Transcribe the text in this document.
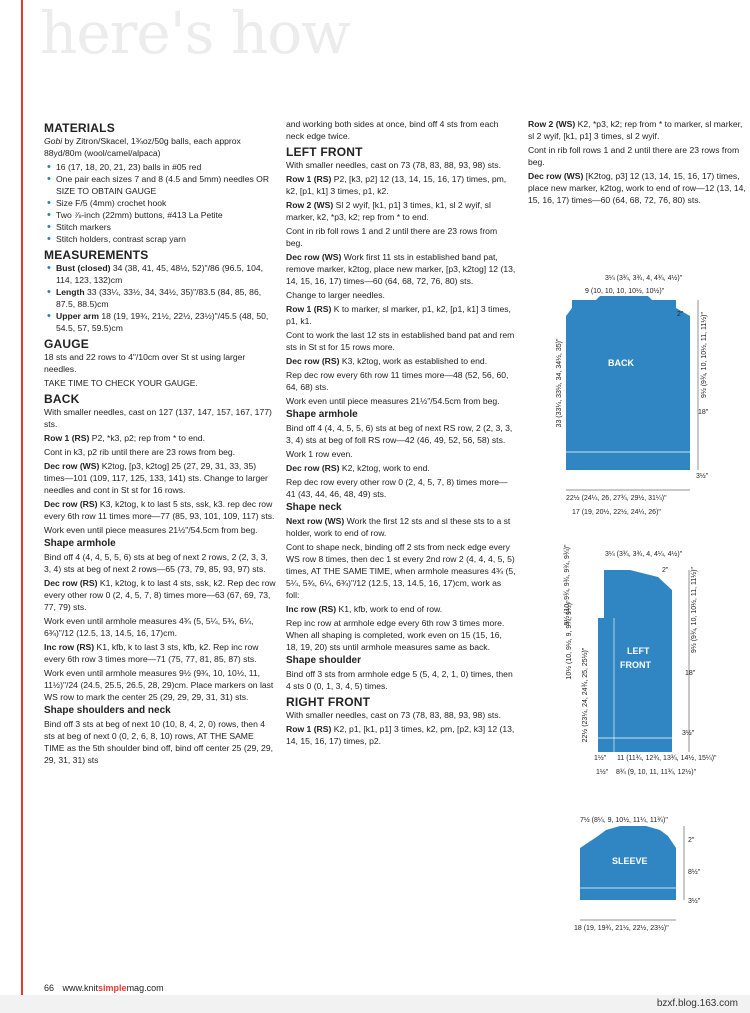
here's how
MATERIALS

Gobi by Zitron/Skacel, 1¾oz/50g balls, each approx 88yd/80m (wool/camel/alpaca)

• 16 (17, 18, 20, 21, 23) balls in #05 red
• One pair each sizes 7 and 8 (4.5 and 5mm) needles OR SIZE TO OBTAIN GAUGE
• Size F/5 (4mm) crochet hook
• Two ⅞-inch (22mm) buttons, #413 La Petite
• Stitch markers
• Stitch holders, contrast scrap yarn
MEASUREMENTS
• Bust (closed) 34 (38, 41, 45, 48½, 52)"/86 (96.5, 104, 114, 123, 132)cm
• Length 33 (33¼, 33½, 34, 34½, 35)"/83.5 (84, 85, 86, 87.5, 88.5)cm
• Upper arm 18 (19, 19¾, 21½, 22½, 23½)"/45.5 (48, 50, 54.5, 57, 59.5)cm
GAUGE

18 sts and 22 rows to 4"/10cm over St st using larger needles.

TAKE TIME TO CHECK YOUR GAUGE.

BACK

With smaller needles, cast on 127 (137, 147, 157, 167, 177) sts.

Row 1 (RS) P2, *k3, p2; rep from * to end.

Cont in k3, p2 rib until there are 23 rows from beg.

Dec row (WS) K2tog, [p3, k2tog] 25 (27, 29, 31, 33, 35) times—101 (109, 117, 125, 133, 141) sts. Change to larger needles and cont in St st for 16 rows.

Dec row (RS) K3, k2tog, k to last 5 sts, ssk, k3. rep dec row every 6th row 11 times more—77 (85, 93, 101, 109, 117) sts.

Work even until piece measures 21½"/54.5cm from beg.

Shape armhole

Bind off 4 (4, 4, 5, 5, 6) sts at beg of next 2 rows, 2 (2, 3, 3, 3, 4) sts at beg of next 2 rows—65 (73, 79, 85, 93, 97) sts.

Dec row (RS) K1, k2tog, k to last 4 sts, ssk, k2. Rep dec row every other row 0 (2, 4, 5, 7, 8) times more—63 (67, 69, 73, 77, 79) sts.

Work even until armhole measures 4¾ (5, 5¼, 5¾, 6¼, 6¾)"/12 (12.5, 13, 14.5, 16, 17)cm.

Inc row (RS) K1, kfb, k to last 3 sts, kfb, k2. Rep inc row every 6th row 3 times more—71 (75, 77, 81, 85, 87) sts.

Work even until armhole measures 9½ (9¾, 10, 10½, 11, 11½)"/24 (24.5, 25.5, 26.5, 28, 29)cm. Place markers on last WS row to mark the center 25 (29, 29, 29, 31, 31) sts.

Shape shoulders and neck

Bind off 3 sts at beg of next 10 (10, 8, 4, 2, 0) rows, then 4 sts at beg of next 0 (0, 2, 6, 8, 10) rows, AT THE SAME TIME as the 5th shoulder bind off, bind off center 25 (29, 29, 29, 31, 31) sts

and working both sides at once, bind off 4 sts from each neck edge twice.

LEFT FRONT

With smaller needles, cast on 73 (78, 83, 88, 93, 98) sts.

Row 1 (RS) P2, [k3, p2] 12 (13, 14, 15, 16, 17) times, pm, k2, [p1, k1] 3 times, p1, k2.

Row 2 (WS) Sl 2 wyif, [k1, p1] 3 times, k1, sl 2 wyif, sl marker, k2, *p3, k2; rep from * to end.

Cont in rib foll rows 1 and 2 until there are 23 rows from beg.

Dec row (WS) Work first 11 sts in established band pat, remove marker, k2tog, place new marker, [p3, k2tog] 12 (13, 14, 15, 16, 17) times—60 (64, 68, 72, 76, 80) sts.

Change to larger needles.

Row 1 (RS) K to marker, sl marker, p1, k2, [p1, k1] 3 times, p1, k1.

Cont to work the last 12 sts in established band pat and rem sts in St st for 15 rows more.

Dec row (RS) K3, k2tog, work as established to end.

Rep dec row every 6th row 11 times more—48 (52, 56, 60, 64, 68) sts.

Work even until piece measures 21½"/54.5cm from beg.

Shape armhole

Bind off 4 (4, 4, 5, 5, 6) sts at beg of next RS row, 2 (2, 3, 3, 3, 4) sts at beg of foll RS row—42 (46, 49, 52, 56, 58) sts.

Work 1 row even.

Dec row (RS) K2, k2tog, work to end.

Rep dec row every other row 0 (2, 4, 5, 7, 8) times more—41 (43, 44, 46, 48, 49) sts.

Shape neck

Next row (WS) Work the first 12 sts and sl these sts to a st holder, work to end of row.

Cont to shape neck, binding off 2 sts from neck edge every WS row 8 times, then dec 1 st every 2nd row 2 (4, 4, 4, 5, 5) times, AT THE SAME TIME, when armhole measures 4¾ (5, 5¼, 5¾, 6¼, 6¾)"/12 (12.5, 13, 14.5, 16, 17)cm, work as foll:

Inc row (RS) K1, kfb, work to end of row.

Rep inc row at armhole edge every 6th row 3 times more. When all shaping is completed, work even on 15 (15, 16, 18, 19, 20) sts until armhole measures same as back.

Shape shoulder

Bind off 3 sts from armhole edge 5 (5, 4, 2, 1, 0) times, then 4 sts 0 (0, 1, 3, 4, 5) times.

RIGHT FRONT

With smaller needles, cast on 73 (78, 83, 88, 93, 98) sts.

Row 1 (RS) K2, p1, [k1, p1] 3 times, k2, pm, [p2, k3] 12 (13, 14, 15, 16, 17) times, p2.

Row 2 (WS) K2, *p3, k2; rep from * to marker, sl marker, sl 2 wyif, [k1, p1] 3 times, sl 2 wyif.

Cont in rib foll rows 1 and 2 until there are 23 rows from beg.

Dec row (WS) [K2tog, p3] 12 (13, 14, 15, 16, 17) times, place new marker, k2tog, work to end of row—12 (13, 14, 15, 16, 17) times—60 (64, 68, 72, 76, 80) sts.

BACK
3¼ (3¾, 3¾, 4, 4¾, 4½)"
9 (10, 10, 10, 10½, 10½)"
2"	9½ (9¾, 10, 10½, 11, 11½)"
18"
3½"
33 (33¼, 33½, 34, 34½, 35)"
22½ (24¼, 26, 27¾, 29½, 31¼)"
17 (19, 20½, 22½, 24¼, 26)"
LEFT
FRONT
3¼ (3¾, 3¾, 4, 4¼, 4½)"
9½ (10, 9¾, 9¾, 9¾, 9¾)"	2"	9½ (9¾, 10, 10½, 11, 11½)"
18"
3½"
10½ (10, 9½, 9, 9¾, 9½)"
22½ (23¼, 24, 24¾, 25, 25½)"
1½" 11 (11¾, 12¾, 13¾, 14½, 15¼)"
1½" 8¾ (9, 10, 11, 11¾, 12½)"
SLEEVE
7½ (8¼, 9, 10½, 11¼, 11¾)"
2"
8½"
3½"
18 (19, 19¾, 21½, 22½, 23½)"
66 www.knitsimplemag.com
bzxf.blog.163.com
